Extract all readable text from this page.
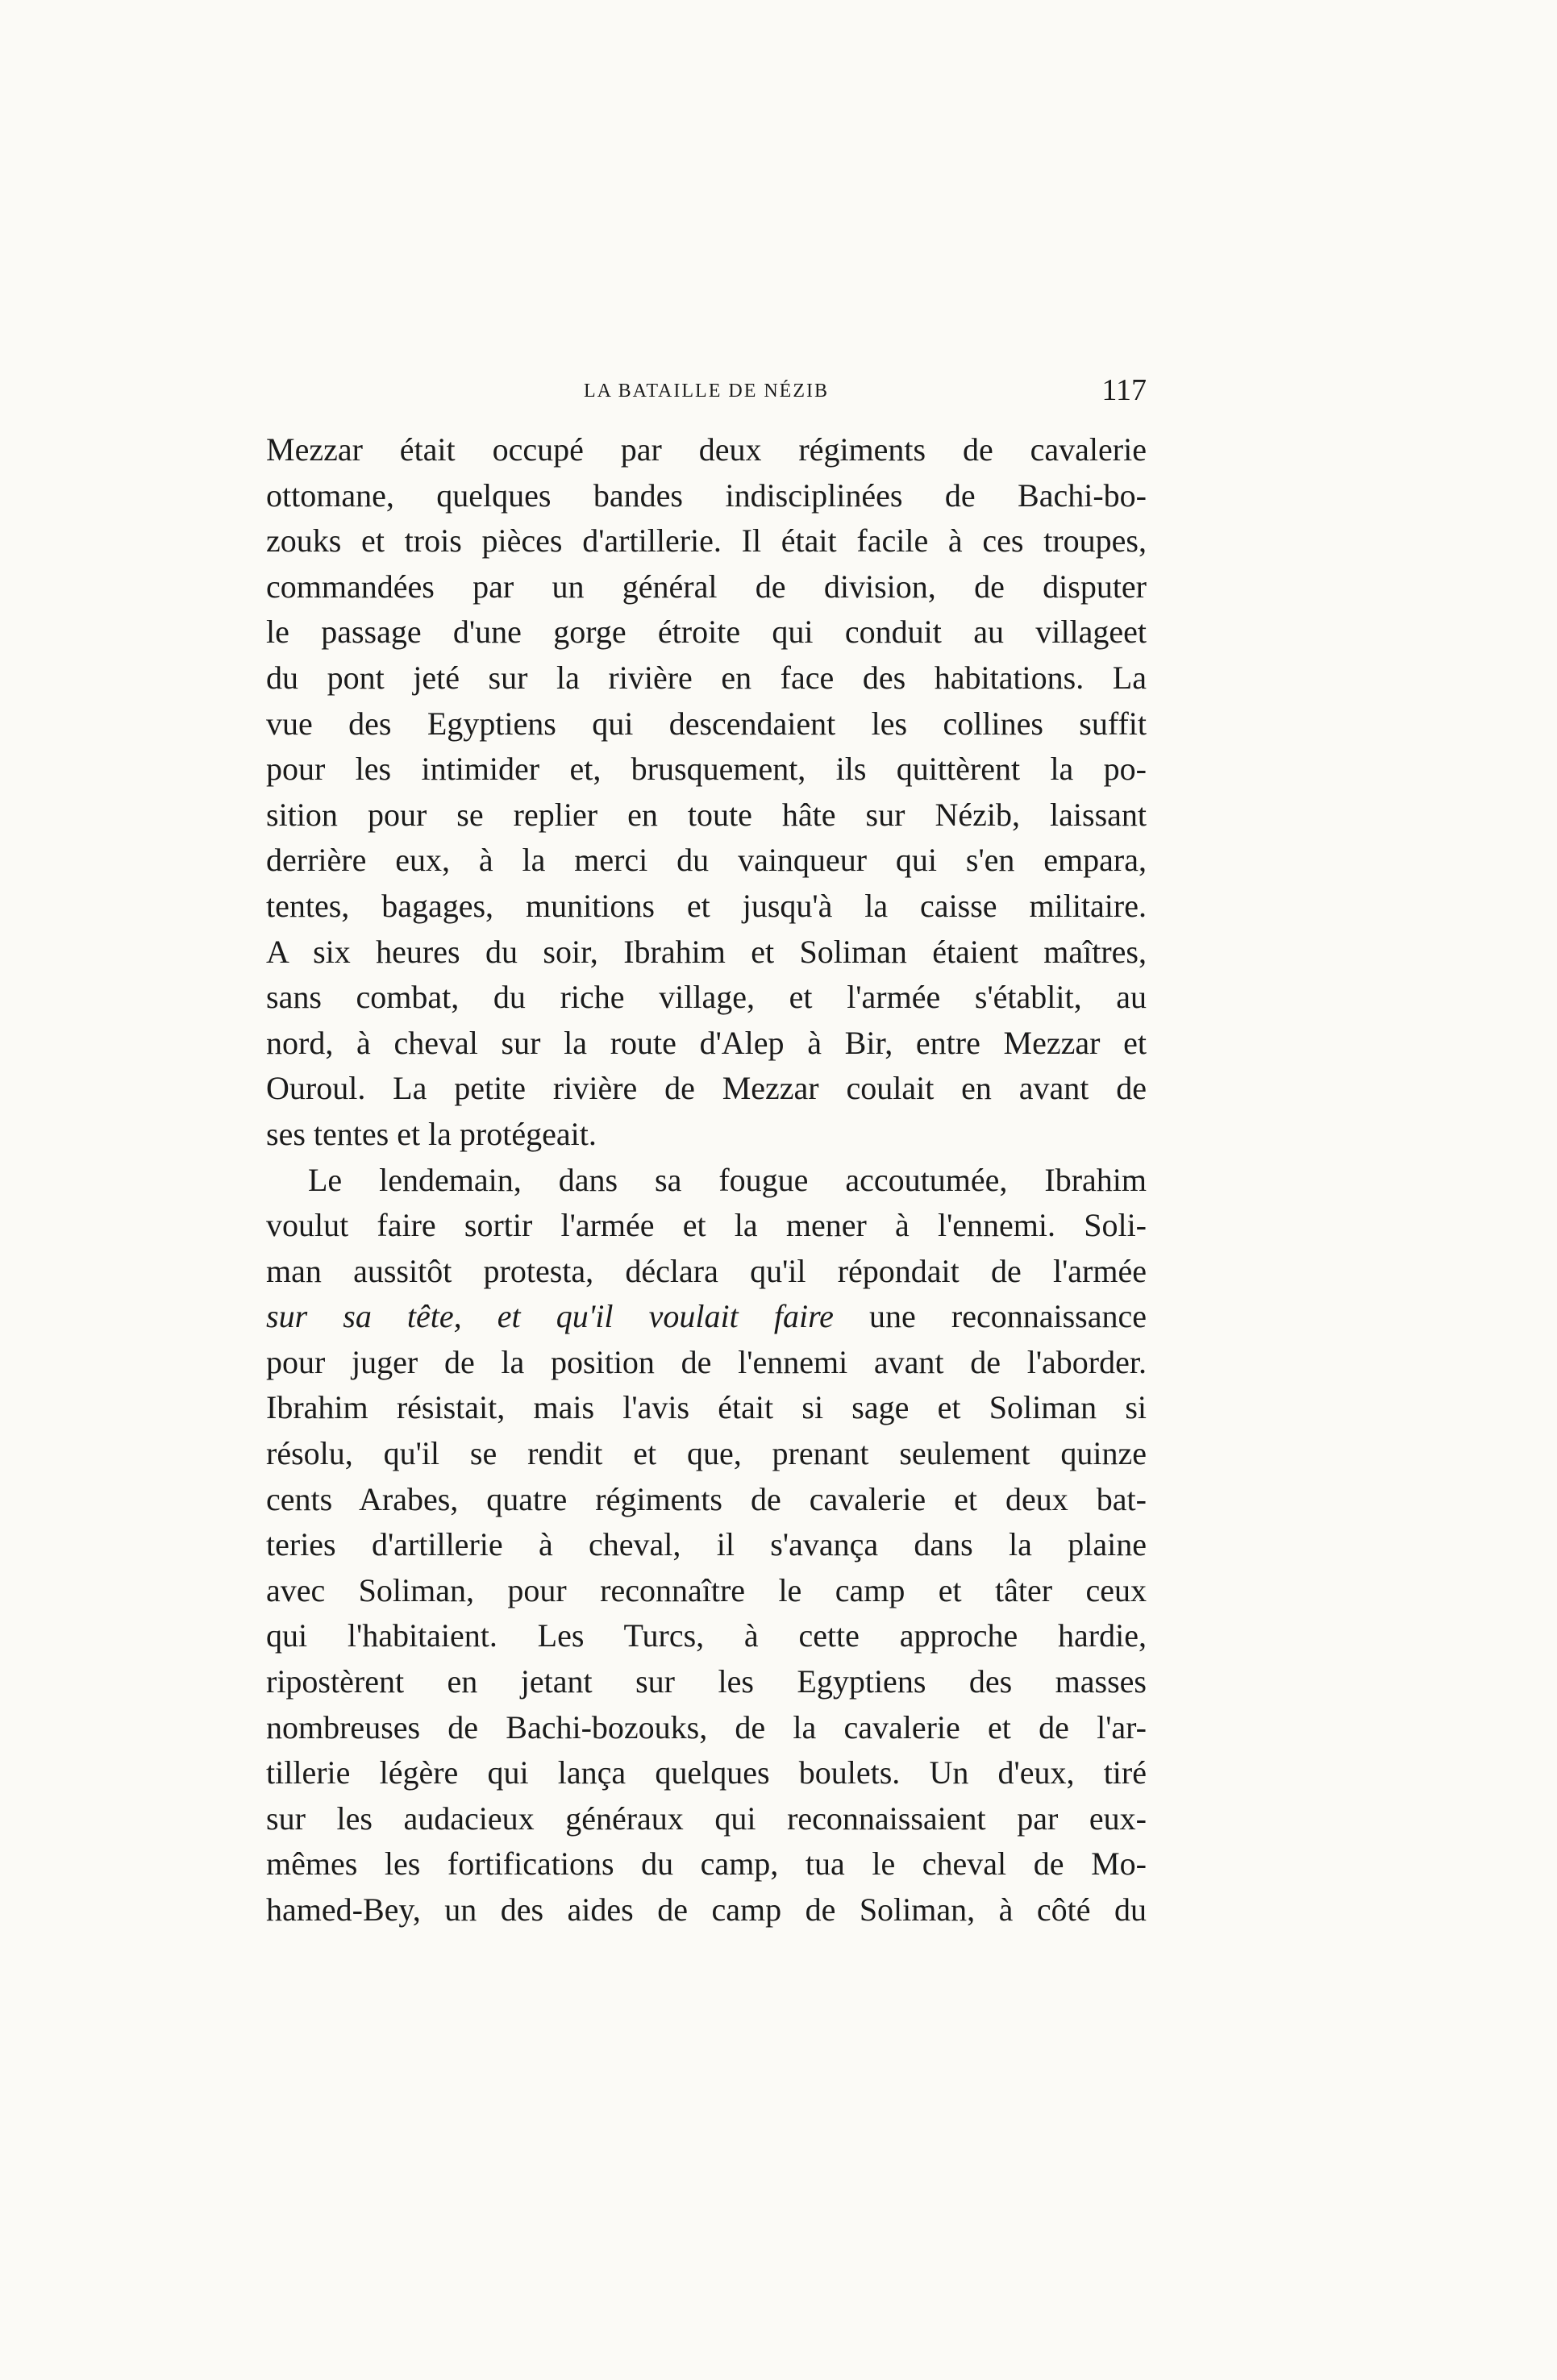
LA BATAILLE DE NÉZIB	117
Mezzar était occupé par deux régiments de cavalerie
ottomane, quelques bandes indisciplinées de Bachi-bo-
zouks et trois pièces d'artillerie. Il était facile à ces troupes,
commandées par un général de division, de disputer
le passage d'une gorge étroite qui conduit au villageet
du pont jeté sur la rivière en face des habitations. La
vue des Egyptiens qui descendaient les collines suffit
pour les intimider et, brusquement, ils quittèrent la po-
sition pour se replier en toute hâte sur Nézib, laissant
derrière eux, à la merci du vainqueur qui s'en empara,
tentes, bagages, munitions et jusqu'à la caisse militaire.
A six heures du soir, Ibrahim et Soliman étaient maîtres,
sans combat, du riche village, et l'armée s'établit, au
nord, à cheval sur la route d'Alep à Bir, entre Mezzar et
Ouroul. La petite rivière de Mezzar coulait en avant de
ses tentes et la protégeait.
Le lendemain, dans sa fougue accoutumée, Ibrahim
voulut faire sortir l'armée et la mener à l'ennemi. Soli-
man aussitôt protesta, déclara qu'il répondait de l'armée
sur sa tête, et qu'il voulait faire une reconnaissance
pour juger de la position de l'ennemi avant de l'aborder.
Ibrahim résistait, mais l'avis était si sage et Soliman si
résolu, qu'il se rendit et que, prenant seulement quinze
cents Arabes, quatre régiments de cavalerie et deux bat-
teries d'artillerie à cheval, il s'avança dans la plaine
avec Soliman, pour reconnaître le camp et tâter ceux
qui l'habitaient. Les Turcs, à cette approche hardie,
ripostèrent en jetant sur les Egyptiens des masses
nombreuses de Bachi-bozouks, de la cavalerie et de l'ar-
tillerie légère qui lança quelques boulets. Un d'eux, tiré
sur les audacieux généraux qui reconnaissaient par eux-
mêmes les fortifications du camp, tua le cheval de Mo-
hamed-Bey, un des aides de camp de Soliman, à côté du
